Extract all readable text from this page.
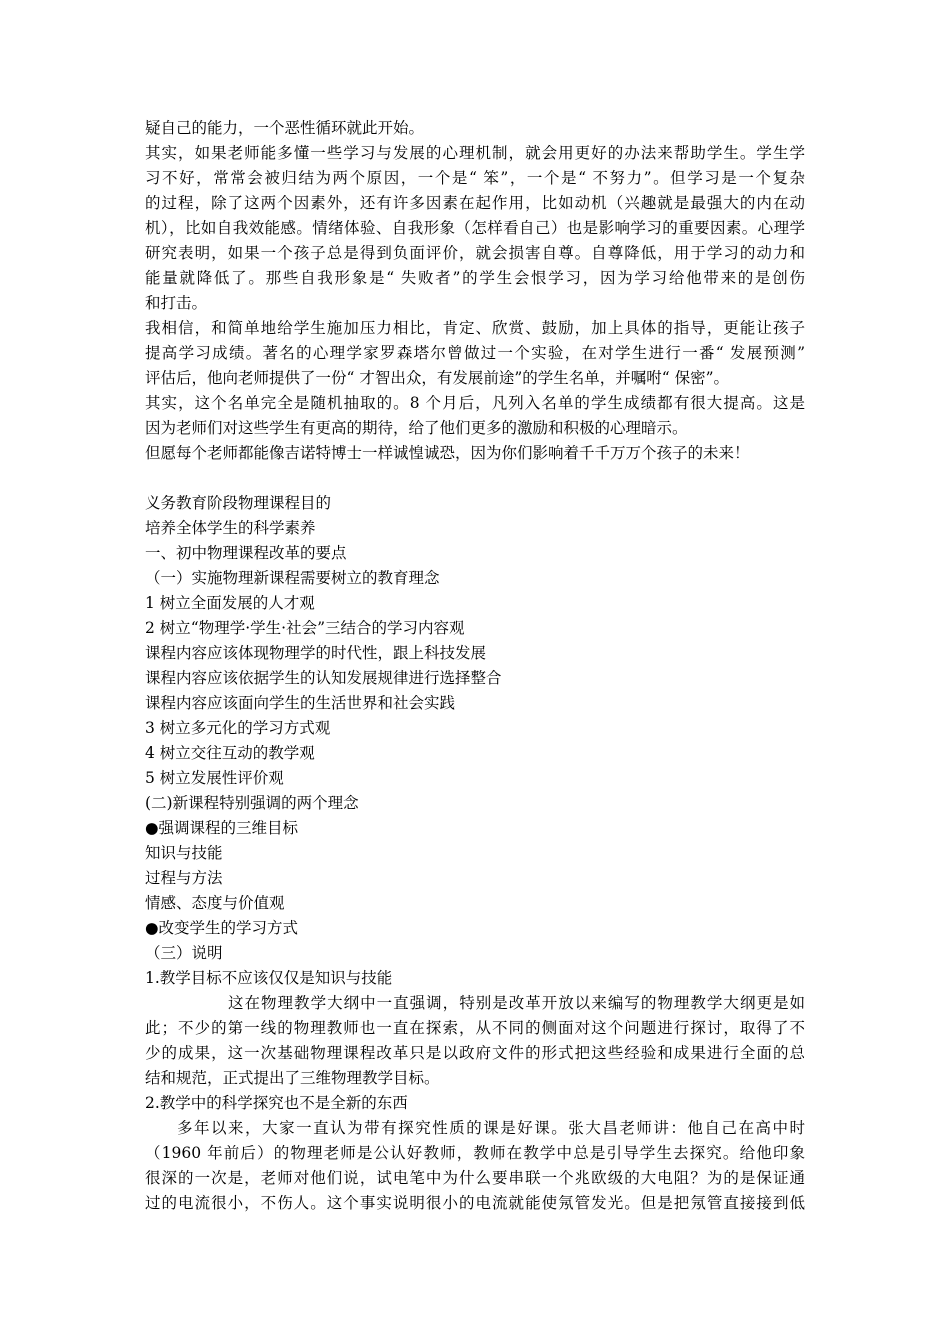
疑自己的能力，一个恶性循环就此开始。
其实，如果老师能多懂一些学习与发展的心理机制，就会用更好的办法来帮助学生。学生学
习不好，常常会被归结为两个原因，一个是“ 笨”，一个是“ 不努力”。但学习是一个复杂
的过程，除了这两个因素外，还有许多因素在起作用，比如动机（兴趣就是最强大的内在动
机），比如自我效能感。情绪体验、自我形象（怎样看自己）也是影响学习的重要因素。心理学
研究表明，如果一个孩子总是得到负面评价，就会损害自尊。自尊降低，用于学习的动力和
能量就降低了。那些自我形象是“ 失败者”的学生会恨学习，因为学习给他带来的是创伤
和打击。
我相信，和简单地给学生施加压力相比，肯定、欣赏、鼓励，加上具体的指导，更能让孩子
提高学习成绩。著名的心理学家罗森塔尔曾做过一个实验，在对学生进行一番“ 发展预测”
评估后，他向老师提供了一份“ 才智出众，有发展前途”的学生名单，并嘱咐“ 保密”。
其实，这个名单完全是随机抽取的。8 个月后，凡列入名单的学生成绩都有很大提高。这是
因为老师们对这些学生有更高的期待，给了他们更多的激励和积极的心理暗示。
但愿每个老师都能像吉诺特博士一样诚惶诚恐，因为你们影响着千千万万个孩子的未来！
义务教育阶段物理课程目的
培养全体学生的科学素养
一、初中物理课程改革的要点
（一）实施物理新课程需要树立的教育理念
1 树立全面发展的人才观
2 树立“物理学·学生·社会”三结合的学习内容观
课程内容应该体现物理学的时代性，跟上科技发展
课程内容应该依据学生的认知发展规律进行选择整合
课程内容应该面向学生的生活世界和社会实践
3 树立多元化的学习方式观
4 树立交往互动的教学观
5 树立发展性评价观
(二)新课程特别强调的两个理念
●强调课程的三维目标
知识与技能
过程与方法
情感、态度与价值观
●改变学生的学习方式
（三）说明
1.教学目标不应该仅仅是知识与技能
这在物理教学大纲中一直强调，特别是改革开放以来编写的物理教学大纲更是如
此；不少的第一线的物理教师也一直在探索，从不同的侧面对这个问题进行探讨，取得了不
少的成果，这一次基础物理课程改革只是以政府文件的形式把这些经验和成果进行全面的总
结和规范，正式提出了三维物理教学目标。
2.教学中的科学探究也不是全新的东西
多年以来，大家一直认为带有探究性质的课是好课。张大昌老师讲：他自己在高中时
（1960 年前后）的物理老师是公认好教师，教师在教学中总是引导学生去探究。给他印象
很深的一次是，老师对他们说，试电笔中为什么要串联一个兆欧级的大电阻？为的是保证通
过的电流很小，不伤人。这个事实说明很小的电流就能使氖管发光。但是把氖管直接接到低
